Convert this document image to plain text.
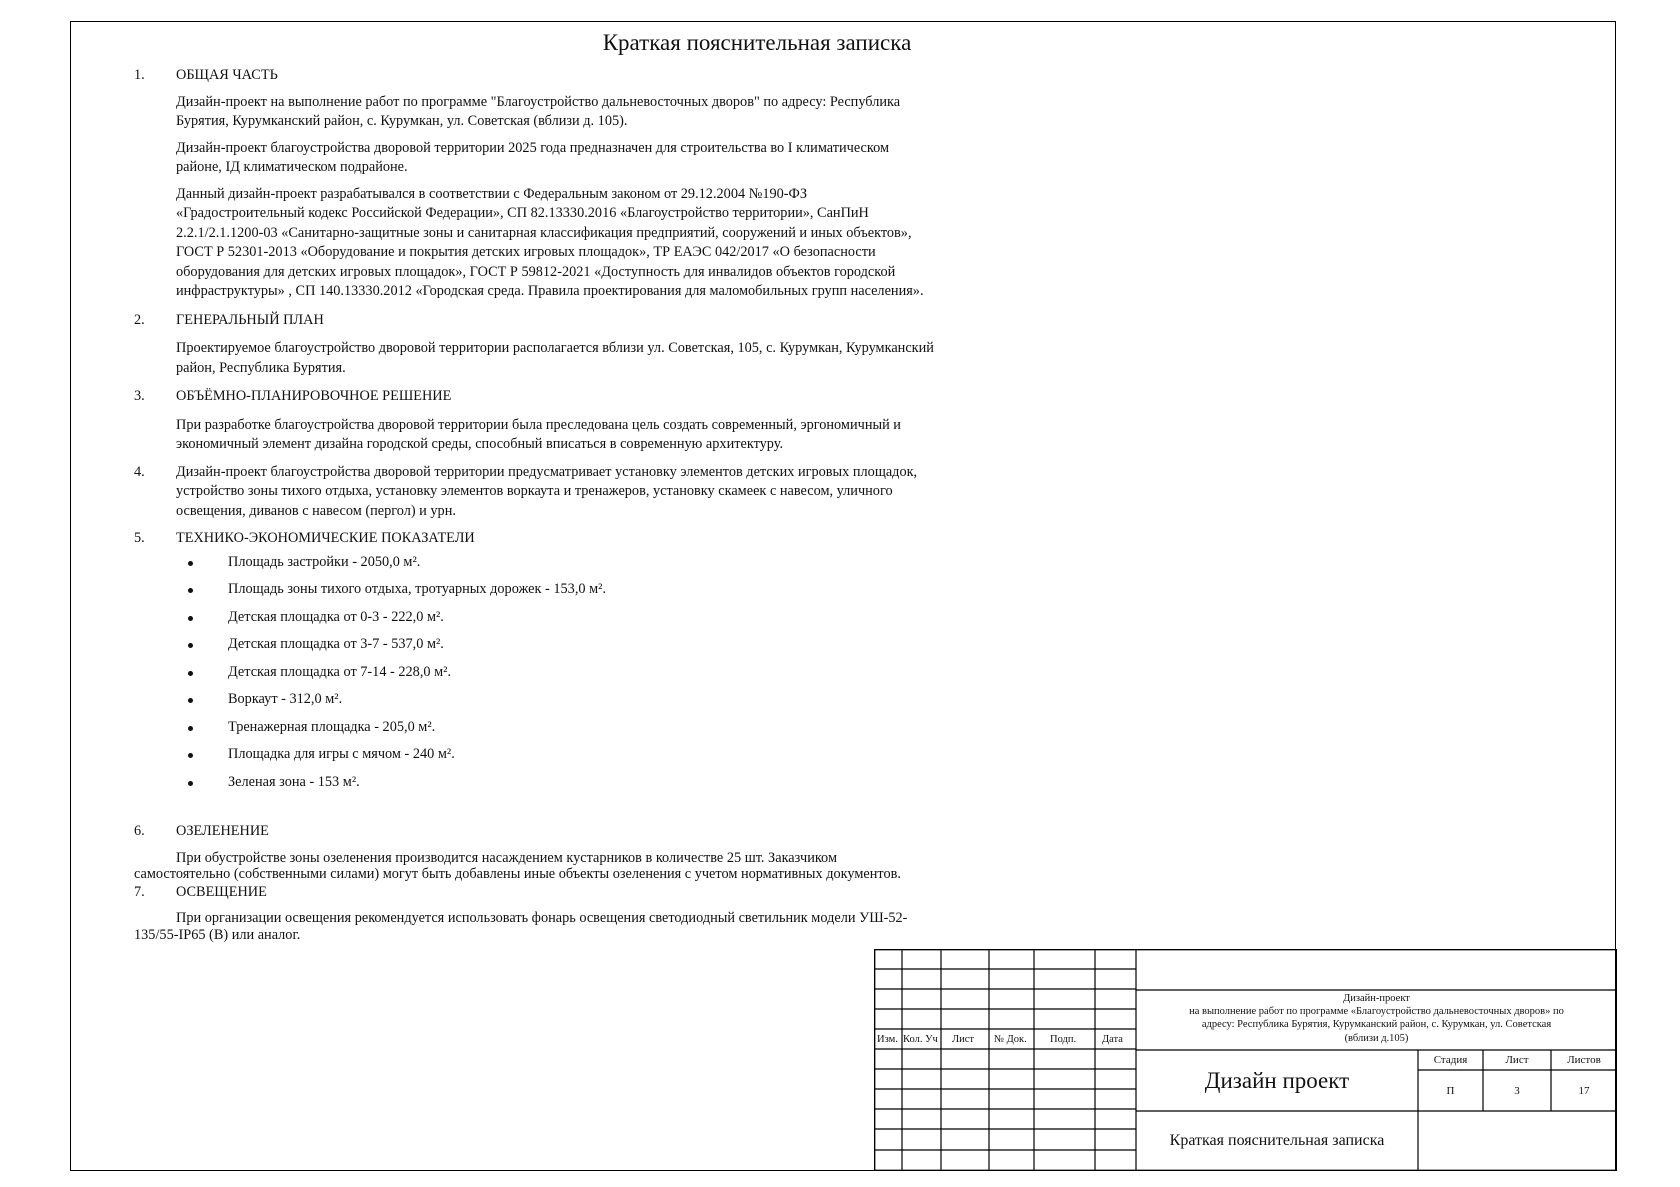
Краткая пояснительная записка
1.	ОБЩАЯ ЧАСТЬ
Дизайн-проект на выполнение работ по программе "Благоустройство дальневосточных дворов" по адресу: Республика Бурятия, Курумканский район, с. Курумкан, ул. Советская (вблизи д. 105).
Дизайн-проект благоустройства дворовой территории 2025 года предназначен для строительства во I климатическом районе, IД климатическом подрайоне.
Данный дизайн-проект разрабатывался в соответствии с Федеральным законом от 29.12.2004 №190-ФЗ «Градостроительный кодекс Российской Федерации», СП 82.13330.2016 «Благоустройство территории», СанПиН 2.2.1/2.1.1200-03 «Санитарно-защитные зоны и санитарная классификация предприятий, сооружений и иных объектов», ГОСТ Р 52301-2013 «Оборудование и покрытия детских игровых площадок», ТР ЕАЭС 042/2017 «О безопасности оборудования для детских игровых площадок», ГОСТ Р 59812-2021 «Доступность для инвалидов объектов городской инфраструктуры» , СП 140.13330.2012 «Городская среда. Правила проектирования для маломобильных групп населения».
2.	ГЕНЕРАЛЬНЫЙ ПЛАН
Проектируемое благоустройство дворовой территории располагается вблизи ул. Советская, 105, с. Курумкан, Курумканский район, Республика Бурятия.
3.	ОБЪЁМНО-ПЛАНИРОВОЧНОЕ РЕШЕНИЕ
При разработке благоустройства дворовой территории была преследована цель создать современный, эргономичный и экономичный элемент дизайна городской среды, способный вписаться в современную архитектуру.
4.	Дизайн-проект благоустройства дворовой территории предусматривает установку элементов детских игровых площадок, устройство зоны тихого отдыха, установку элементов воркаута и тренажеров, установку скамеек с навесом, уличного освещения, диванов с навесом (пергол) и урн.
5.	ТЕХНИКО-ЭКОНОМИЧЕСКИЕ ПОКАЗАТЕЛИ
Площадь застройки - 2050,0 м².
Площадь зоны тихого отдыха, тротуарных дорожек - 153,0 м².
Детская площадка от 0-3 - 222,0 м².
Детская площадка от 3-7 - 537,0 м².
Детская площадка от 7-14 - 228,0 м².
Воркаут - 312,0 м².
Тренажерная площадка - 205,0 м².
Площадка для игры с мячом - 240 м².
Зеленая зона - 153 м².
6.	ОЗЕЛЕНЕНИЕ
При обустройстве зоны озеленения производится насаждением кустарников в количестве 25 шт. Заказчиком самостоятельно (собственными силами) могут быть добавлены иные объекты озеленения с учетом нормативных документов.
7.	ОСВЕЩЕНИЕ
При организации освещения рекомендуется использовать фонарь освещения светодиодный светильник модели УШ-52-135/55-IP65 (В) или аналог.
Изм. Кол. Уч Лист № Док. Подп. Дата
Дизайн-проект
на выполнение работ по программе «Благоустройство дальневосточных дворов» по
адресу: Республика Бурятия, Курумканский район, с. Курумкан, ул. Советская
(вблизи д.105)
Дизайн проект
Краткая пояснительная записка
Стадия	Лист	Листов
П	3	17
